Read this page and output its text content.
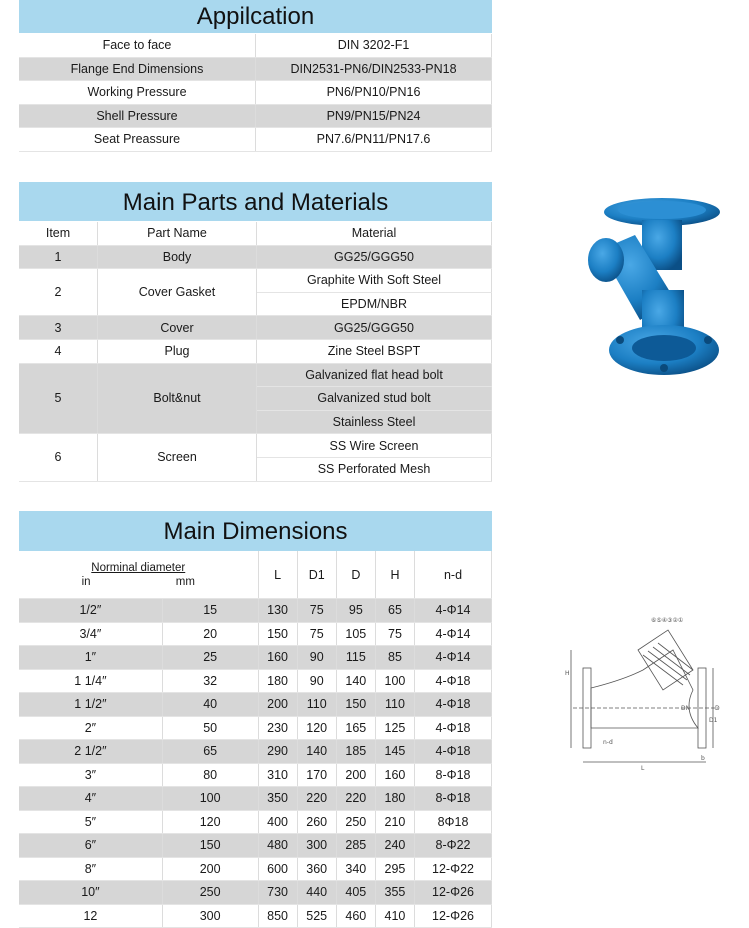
Appilcation
Face to face	DIN 3202-F1
Flange End Dimensions	DIN2531-PN6/DIN2533-PN18
Working Pressure	PN6/PN10/PN16
Shell Pressure	PN9/PN15/PN24
Seat Preassure	PN7.6/PN11/PN17.6
Main Parts and Materials
Item	Part Name	Material
1	Body	GG25/GGG50
2	Cover Gasket	Graphite With Soft Steel
		EPDM/NBR
3	Cover	GG25/GGG50
4	Plug	Zine Steel BSPT
5	Bolt&nut	Galvanized flat head bolt
		Galvanized stud bolt
		Stainless Steel
6	Screen	SS Wire Screen
		SS Perforated Mesh
Main Dimensions
Norminal diameter
in mm		L	D1	D	H	n-d
1/2″	15	130	75	95	65	4-Φ14
3/4″	20	150	75	105	75	4-Φ14
1″	25	160	90	115	85	4-Φ14
1 1/4″	32	180	90	140	100	4-Φ18
1 1/2″	40	200	110	150	110	4-Φ18
2″	50	230	120	165	125	4-Φ18
2 1/2″	65	290	140	185	145	4-Φ18
3″	80	310	170	200	160	8-Φ18
4″	100	350	220	220	180	8-Φ18
5″	120	400	260	250	210	8Φ18
6″	150	480	300	285	240	8-Φ22
8″	200	600	360	340	295	12-Φ22
10″	250	730	440	405	355	12-Φ26
12	300	850	525	460	410	12-Φ26
⑥⑤④③②①
H
L
DN	D
D1
n-d
b
